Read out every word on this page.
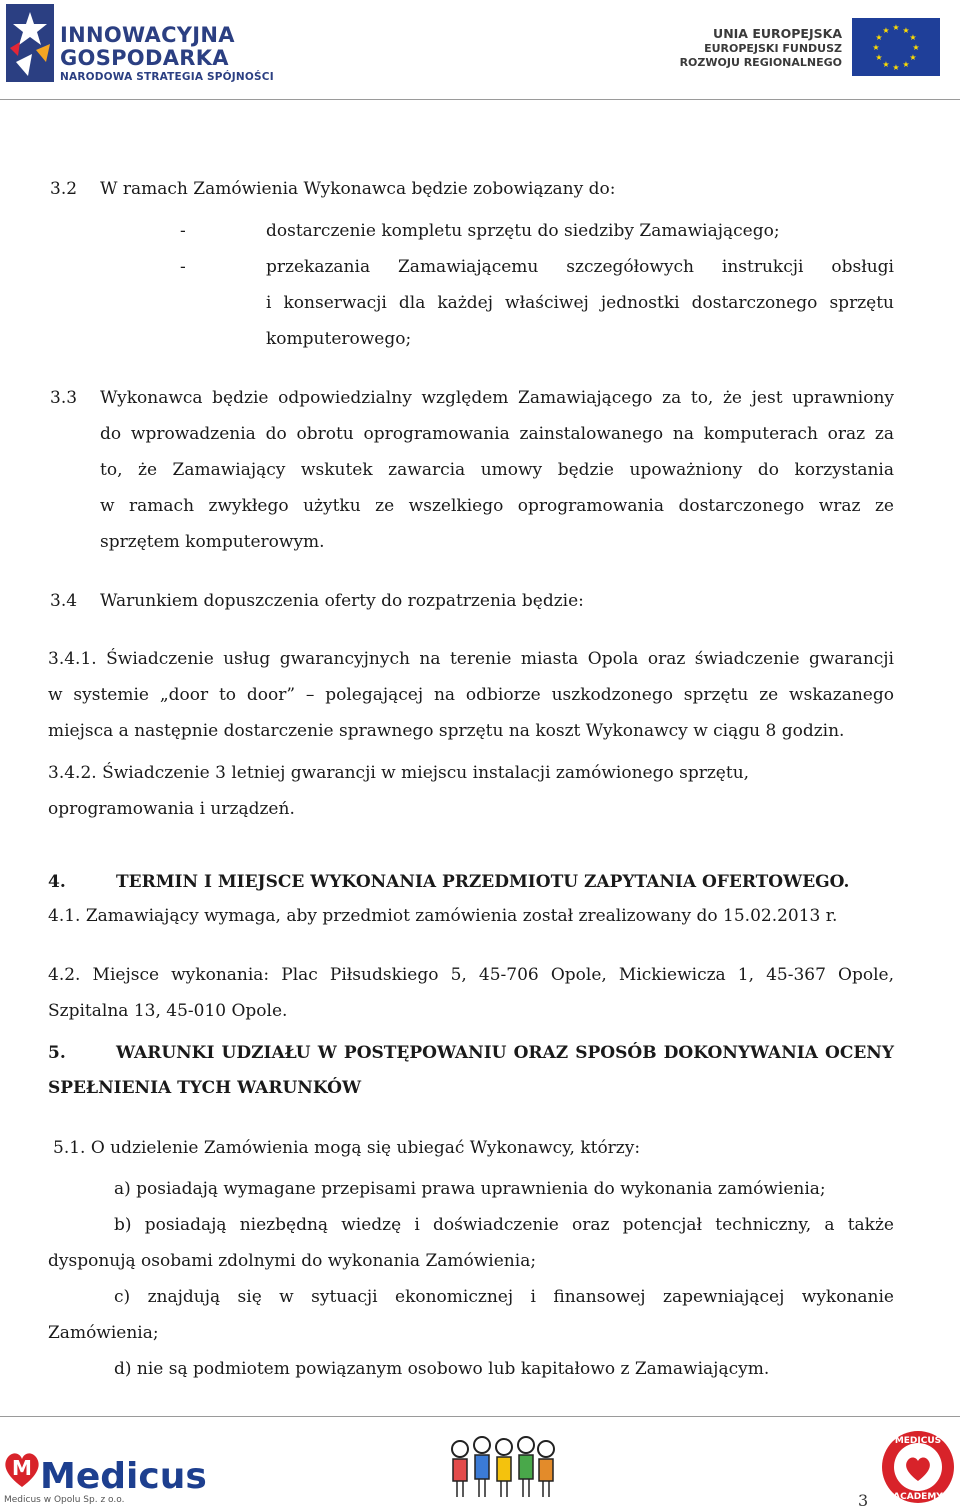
INNOWACYJNA
GOSPODARKA
NARODOWA STRATEGIA SPÓJNOŚCI
UNIA EUROPEJSKA
EUROPEJSKI FUNDUSZ
ROZWOJU REGIONALNEGO
★ ★
★
★
★
★
★
★
★
★
★
★
3.2 W ramach Zamówienia Wykonawca będzie zobowiązany do:
-	dostarczenie kompletu sprzętu do siedziby Zamawiającego;
-	przekazania Zamawiającemu szczegółowych instrukcji obsługi
i konserwacji dla każdej właściwej jednostki dostarczonego sprzętu
komputerowego;
3.3 Wykonawca będzie odpowiedzialny względem Zamawiającego za to, że jest uprawniony
do wprowadzenia do obrotu oprogramowania zainstalowanego na komputerach oraz za
to, że Zamawiający wskutek zawarcia umowy będzie upoważniony do korzystania
w ramach zwykłego użytku ze wszelkiego oprogramowania dostarczonego wraz ze
sprzętem komputerowym.
3.4 Warunkiem dopuszczenia oferty do rozpatrzenia będzie:
3.4.1. Świadczenie usług gwarancyjnych na terenie miasta Opola oraz świadczenie gwarancji
w systemie „door to door” – polegającej na odbiorze uszkodzonego sprzętu ze wskazanego
miejsca a następnie dostarczenie sprawnego sprzętu na koszt Wykonawcy w ciągu 8 godzin.
3.4.2. Świadczenie 3 letniej gwarancji w miejscu instalacji zamówionego sprzętu,
oprogramowania i urządzeń.
4.	TERMIN I MIEJSCE WYKONANIA PRZEDMIOTU ZAPYTANIA OFERTOWEGO.
4.1. Zamawiający wymaga, aby przedmiot zamówienia został zrealizowany do 15.02.2013 r.
4.2. Miejsce wykonania: Plac Piłsudskiego 5, 45-706 Opole, Mickiewicza 1, 45-367 Opole,
Szpitalna 13, 45-010 Opole.
5.	WARUNKI UDZIAŁU W POSTĘPOWANIU ORAZ SPOSÓB DOKONYWANIA OCENY
SPEŁNIENIA TYCH WARUNKÓW
5.1. O udzielenie Zamówienia mogą się ubiegać Wykonawcy, którzy:
a) posiadają wymagane przepisami prawa uprawnienia do wykonania zamówienia;
b) posiadają niezbędną wiedzę i doświadczenie oraz potencjał techniczny, a także
dysponują osobami zdolnymi do wykonania Zamówienia;
c) znajdują się w sytuacji ekonomicznej i finansowej zapewniającej wykonanie
Zamówienia;
d) nie są podmiotem powiązanym osobowo lub kapitałowo z Zamawiającym.
M Medicus
Medicus w Opolu Sp. z o.o.	3
MEDICUS
ACADEMY
